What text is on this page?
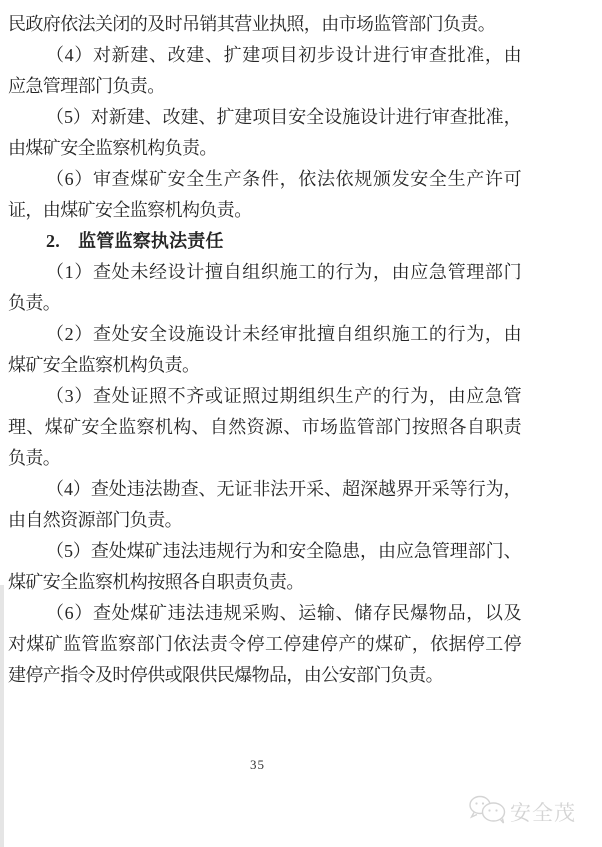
民政府依法关闭的及时吊销其营业执照，由市场监管部门负责。
（4）对新建、改建、扩建项目初步设计进行审查批准，由
应急管理部门负责。
（5）对新建、改建、扩建项目安全设施设计进行审查批准，
由煤矿安全监察机构负责。
（6）审查煤矿安全生产条件，依法依规颁发安全生产许可
证，由煤矿安全监察机构负责。
2.　监管监察执法责任
（1）查处未经设计擅自组织施工的行为，由应急管理部门
负责。
（2）查处安全设施设计未经审批擅自组织施工的行为，由
煤矿安全监察机构负责。
（3）查处证照不齐或证照过期组织生产的行为，由应急管
理、煤矿安全监察机构、自然资源、市场监管部门按照各自职责
负责。
（4）查处违法勘查、无证非法开采、超深越界开采等行为，
由自然资源部门负责。
（5）查处煤矿违法违规行为和安全隐患，由应急管理部门、
煤矿安全监察机构按照各自职责负责。
（6）查处煤矿违法违规采购、运输、储存民爆物品，以及
对煤矿监管监察部门依法责令停工停建停产的煤矿，依据停工停
建停产指令及时停供或限供民爆物品，由公安部门负责。
35
安全茂
